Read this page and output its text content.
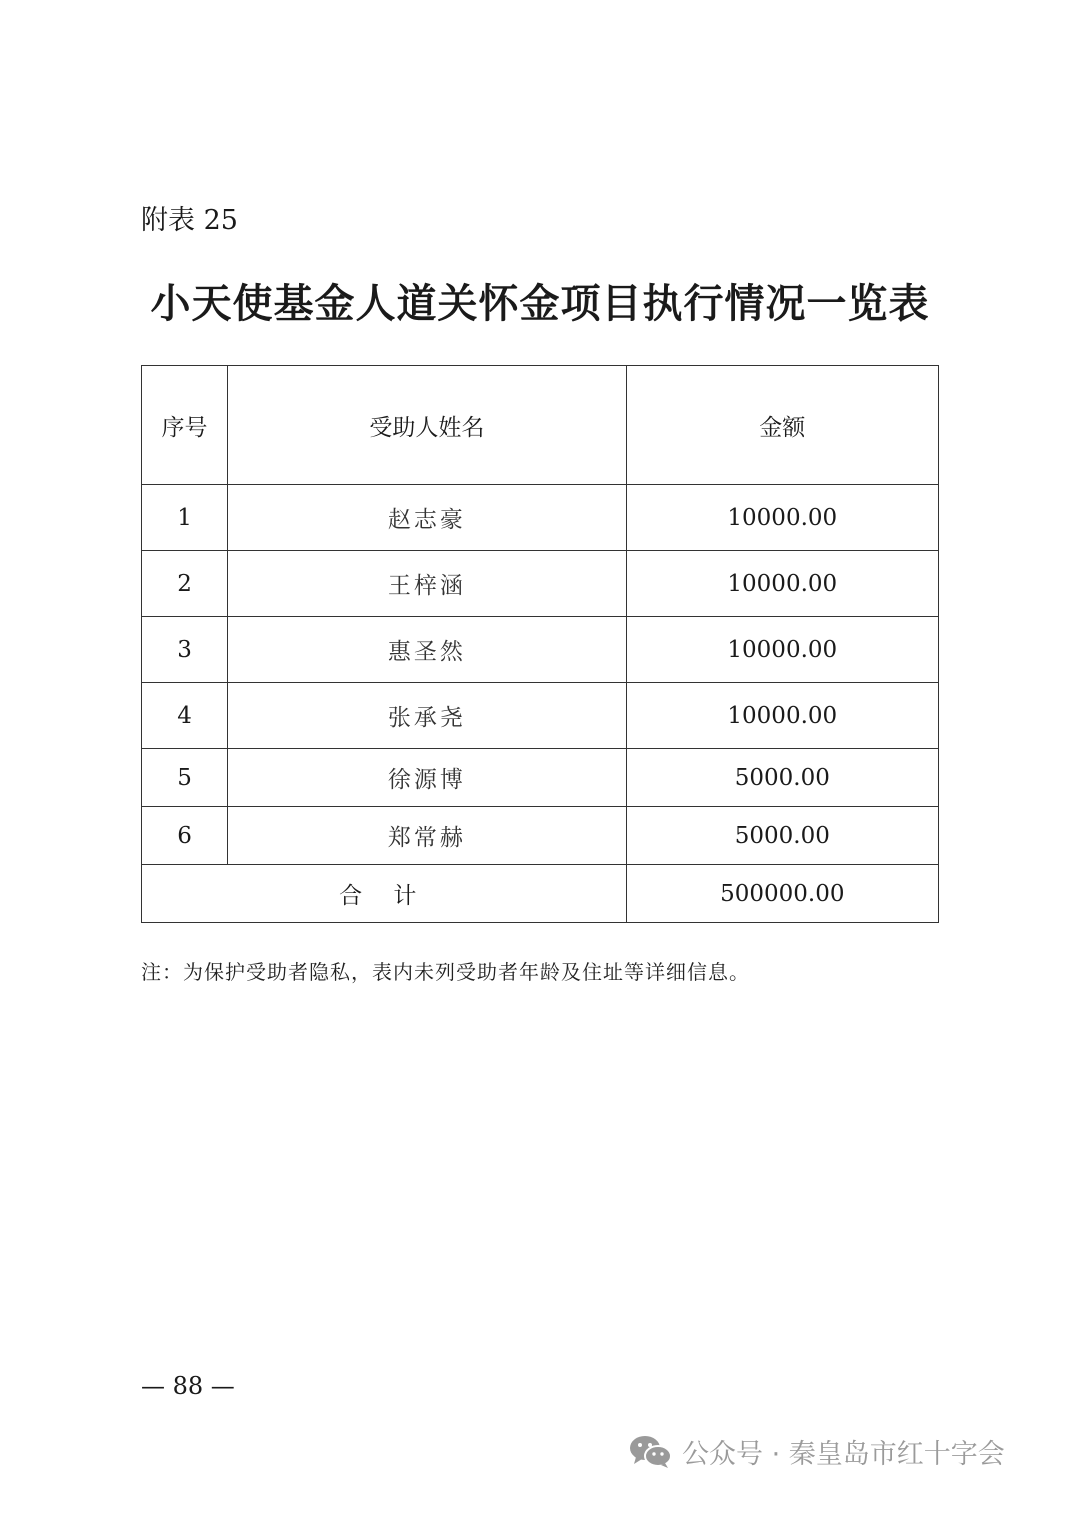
附表 25
小天使基金人道关怀金项目执行情况一览表
序号	受助人姓名	金额
1	赵志豪	10000.00
2	王梓涵	10000.00
3	惠圣然	10000.00
4	张承尧	10000.00
5	徐源博	5000.00
6	郑常赫	5000.00
合 计		500000.00
注：为保护受助者隐私，表内未列受助者年龄及住址等详细信息。
— 88 —
公众号 · 秦皇岛市红十字会
